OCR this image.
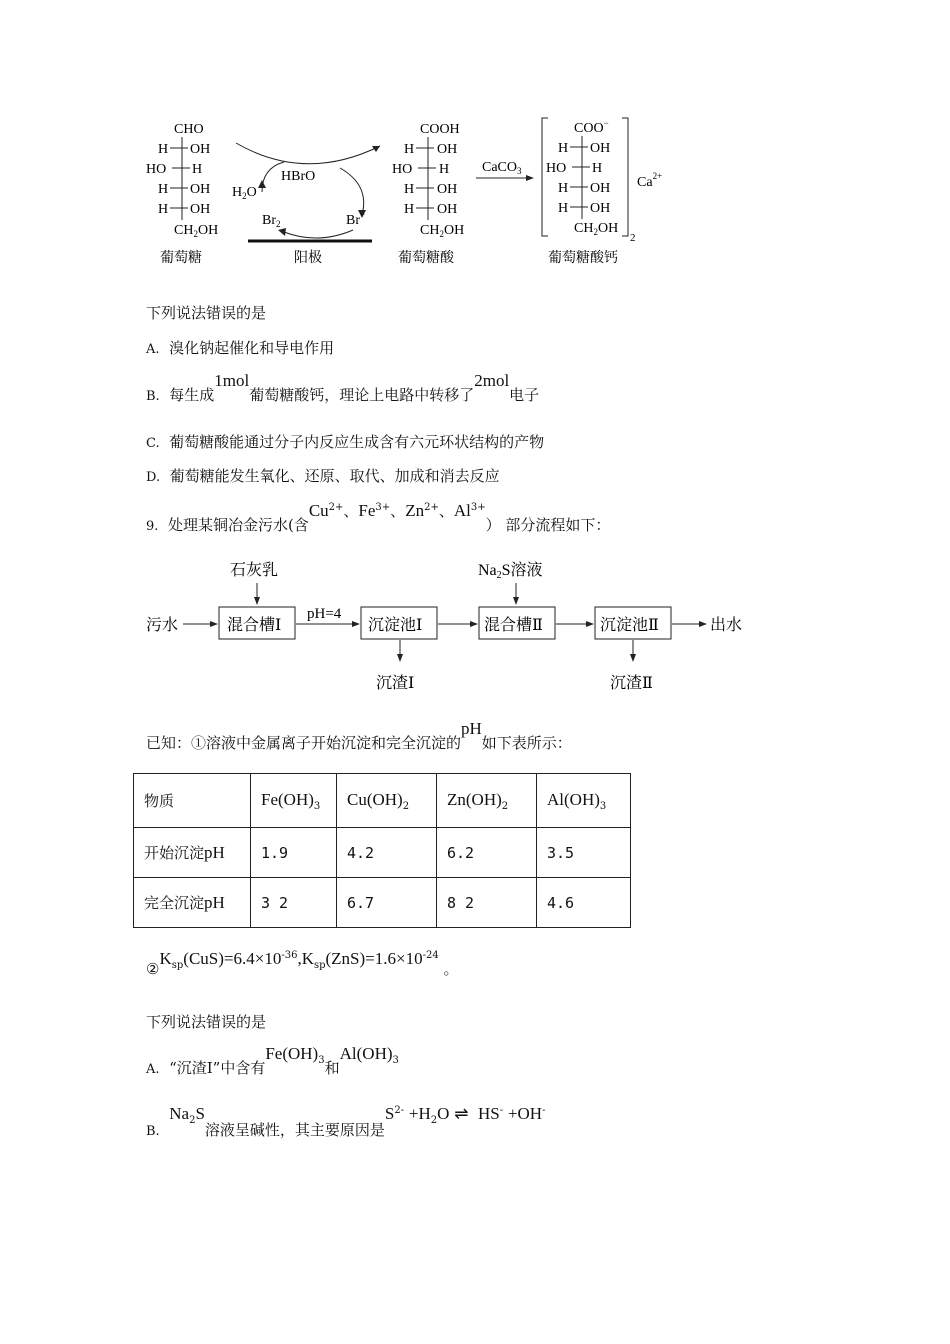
CHO
H OH
HO H
H OH
H OH
$CH_2OH$
葡萄糖
HBrO
$H_2O$
$Br_2$	Br−
阳极
COOH
H OH
HO H
H OH
H OH
$CH_2OH$
葡萄糖酸
CaCO$_3$
COO−
H OH
HO H
H OH
H OH
$CH_2OH$
2
$Ca^{2+}$
葡萄糖酸钙
下列说法错误的是
A. 溴化钠起催化和导电作用
B. 每生成1mol葡萄糖酸钙，理论上电路中转移了2mol电子
C. 葡萄糖酸能通过分子内反应生成含有六元环状结构的产物
D. 葡萄糖能发生氧化、还原、取代、加成和消去反应
9. 处理某铜冶金污水(含$Cu^{2+}$、$Fe^{3+}$、$Zn^{2+}$、$Al^{3+}$） 部分流程如下：
污水
石灰乳
混合槽Ⅰ
pH=4
沉淀池Ⅰ
沉渣Ⅰ
Na2S溶液
混合槽Ⅱ	沉淀池Ⅱ
沉渣Ⅱ
出水
已知：①溶液中金属离子开始沉淀和完全沉淀的pH如下表所示：
物质	$Fe(OH)_3$	$Cu(OH)_2$	$Zn(OH)_2$	$Al(OH)_3$
开始沉淀pH	1.9	4.2	6.2	3.5
完全沉淀pH	3 2	6.7	8 2	4.6
$②K_{sp}(CuS)=6.4\times 10^{-36},K_{sp}(ZnS)=1.6\times 10^{-24}$ 。
下列说法错误的是
A. “沉渣Ⅰ”中含有$Fe(OH)_3$和$Al(OH)_3$
B.  $Na_2S$溶液呈碱性，其主要原因是$S^{2-} +H_2O$ ⇌ HS- +OH-
